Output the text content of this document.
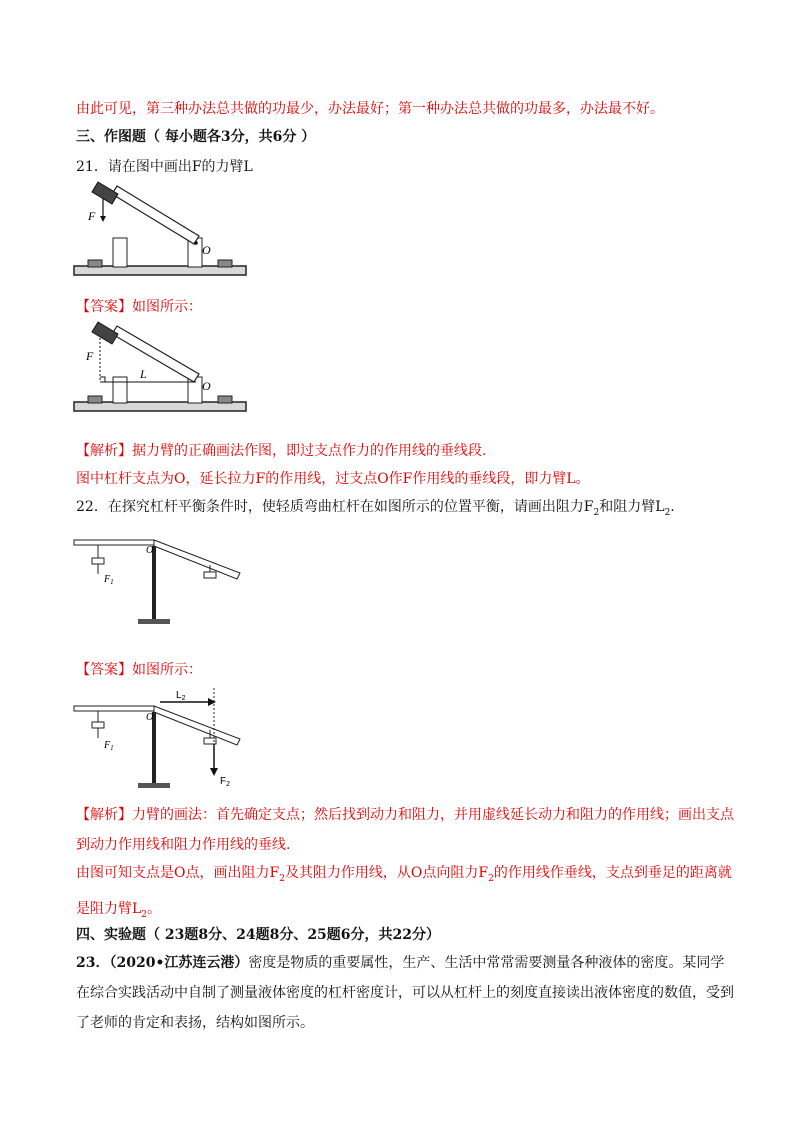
由此可见，第三种办法总共做的功最少，办法最好；第一种办法总共做的功最多，办法最不好。
三、作图题（ 每小题各3分，共6分 ）
21．请在图中画出F的力臂L
F
O
【答案】如图所示：
F
L
O
【解析】据力臂的正确画法作图，即过支点作力的作用线的垂线段.
图中杠杆支点为O，延长拉力F的作用线，过支点O作F作用线的垂线段，即力臂L。
22．在探究杠杆平衡条件时，使轻质弯曲杠杆在如图所示的位置平衡，请画出阻力$F_2$和阻力臂$L_2$.
O
$F_1$
【答案】如图所示：
O
$F_1$
$L_2$
$F_2$
【解析】力臂的画法：首先确定支点；然后找到动力和阻力，并用虚线延长动力和阻力的作用线；画出支点到动力作用线和阻力作用线的垂线.
由图可知支点是O点，画出阻力$F_2$及其阻力作用线，从O点向阻力$F_2$的作用线作垂线，支点到垂足的距离就是阻力臂$L_2$。
四、实验题（ 23题8分、24题8分、25题6分，共22分）
23．（2020•江苏连云港）密度是物质的重要属性，生产、生活中常常需要测量各种液体的密度。某同学在综合实践活动中自制了测量液体密度的杠杆密度计，可以从杠杆上的刻度直接读出液体密度的数值，受到了老师的肯定和表扬，结构如图所示。
